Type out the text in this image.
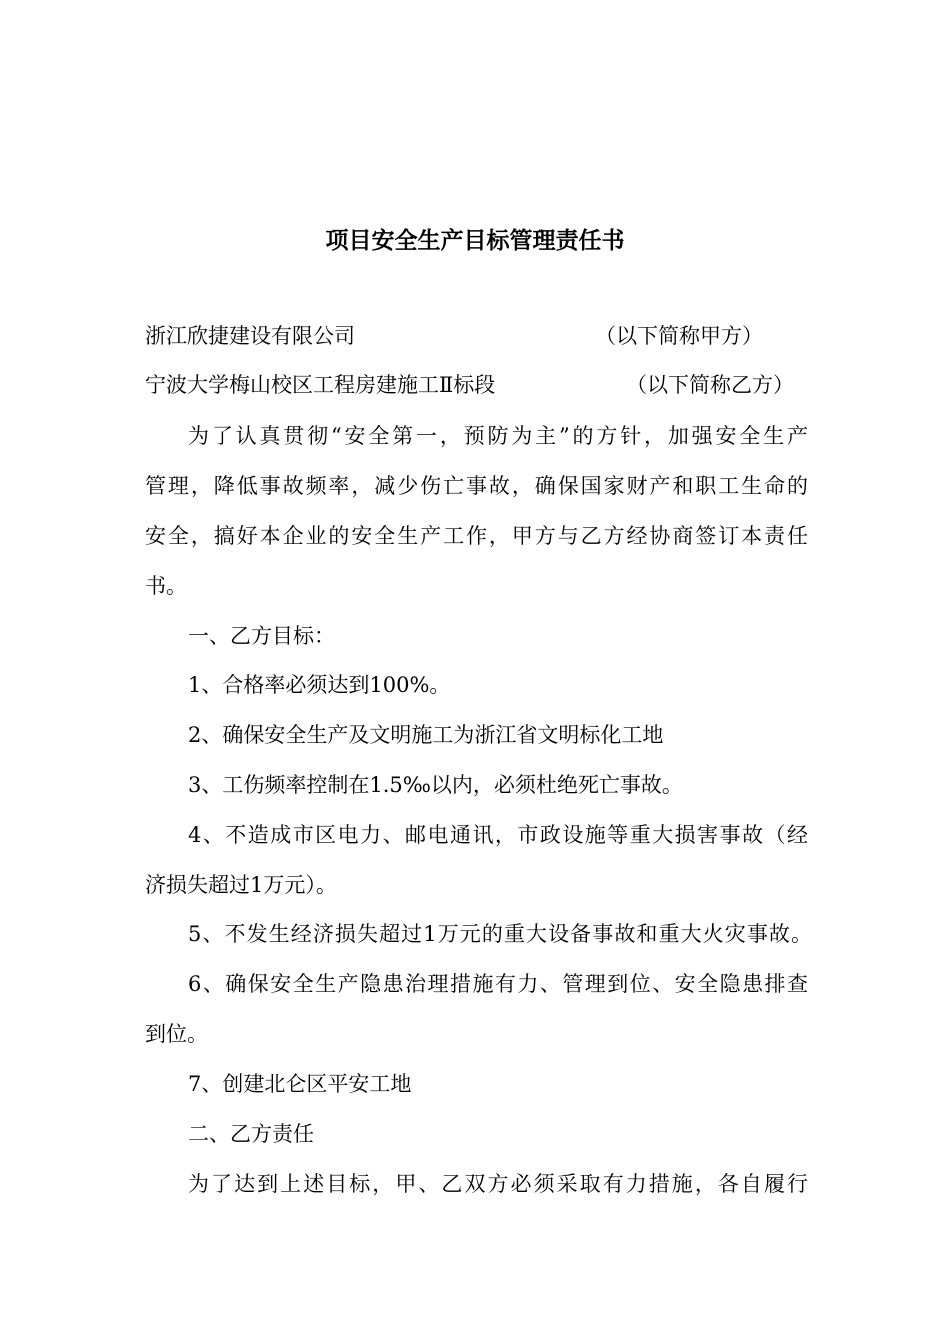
项目安全生产目标管理责任书
浙江欣捷建设有限公司	（以下简称甲方）
宁波大学梅山校区工程房建施工Ⅱ标段	（以下简称乙方）
为了认真贯彻“安全第一，预防为主”的方针，加强安全生产
管理，降低事故频率，减少伤亡事故，确保国家财产和职工生命的
安全，搞好本企业的安全生产工作，甲方与乙方经协商签订本责任
书。
一、乙方目标：
1、合格率必须达到100%。
2、确保安全生产及文明施工为浙江省文明标化工地
3、工伤频率控制在1.5‰以内，必须杜绝死亡事故。
4、不造成市区电力、邮电通讯，市政设施等重大损害事故（经
济损失超过1万元）。
5、不发生经济损失超过1万元的重大设备事故和重大火灾事故。
6、确保安全生产隐患治理措施有力、管理到位、安全隐患排查
到位。
7、创建北仑区平安工地
二、乙方责任
为了达到上述目标，甲、乙双方必须采取有力措施，各自履行
